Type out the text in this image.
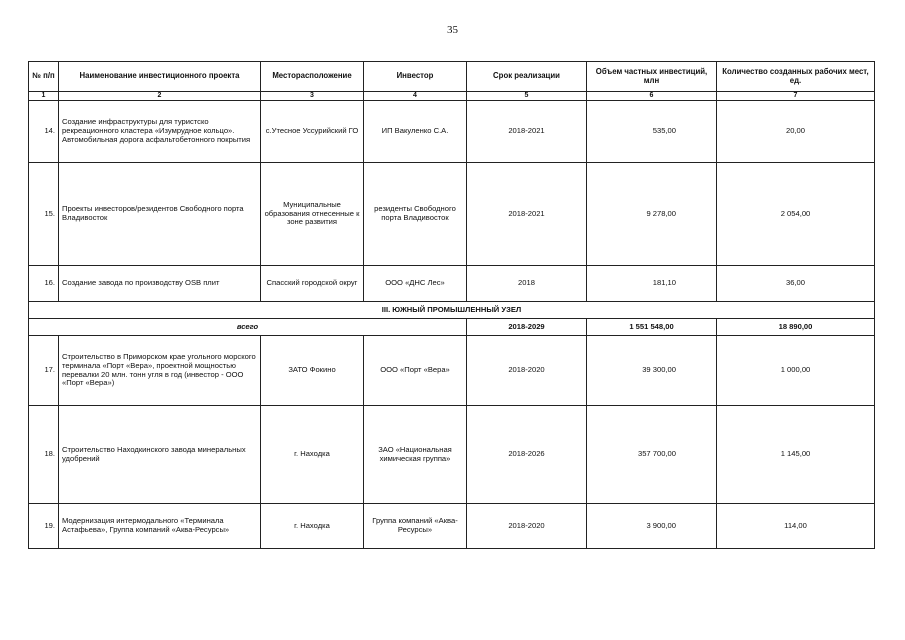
35
№ п/п	Наименование инвестиционного проекта	Месторасположение	Инвестор	Срок реализации	Объем частных инвестиций, млн	Количество созданных рабочих мест, ед.
1	2	3	4	5	6	7
14.	Создание инфраструктуры для туристско рекреационного кластера «Изумрудное кольцо». Автомобильная дорога асфальтобетонного покрытия	с.Утесное Уссурийский ГО	ИП Вакуленко С.А.	2018-2021	535,00	20,00
15.	Проекты инвесторов/резидентов Свободного порта Владивосток	Муниципальные образования отнесенные к зоне развития	резиденты Свободного порта Владивосток	2018-2021	9 278,00	2 054,00
16.	Создание завода по производству OSB плит	Спасский городской округ	ООО «ДНС Лес»	2018	181,10	36,00
III. ЮЖНЫЙ ПРОМЫШЛЕННЫЙ УЗЕЛ						
всего				2018-2029	1 551 548,00	18 890,00
17.	Строительство в Приморском крае угольного морского терминала «Порт «Вера», проектной мощностью перевалки 20 млн. тонн угля в год (инвестор - ООО «Порт «Вера»)	ЗАТО Фокино	ООО «Порт «Вера»	2018-2020	39 300,00	1 000,00
18.	Строительство Находкинского завода минеральных удобрений	г. Находка	ЗАО «Национальная химическая группа»	2018-2026	357 700,00	1 145,00
19.	Модернизация интермодального «Терминала Астафьева», Группа компаний «Аква-Ресурсы»	г. Находка	Группа компаний «Аква-Ресурсы»	2018-2020	3 900,00	114,00
